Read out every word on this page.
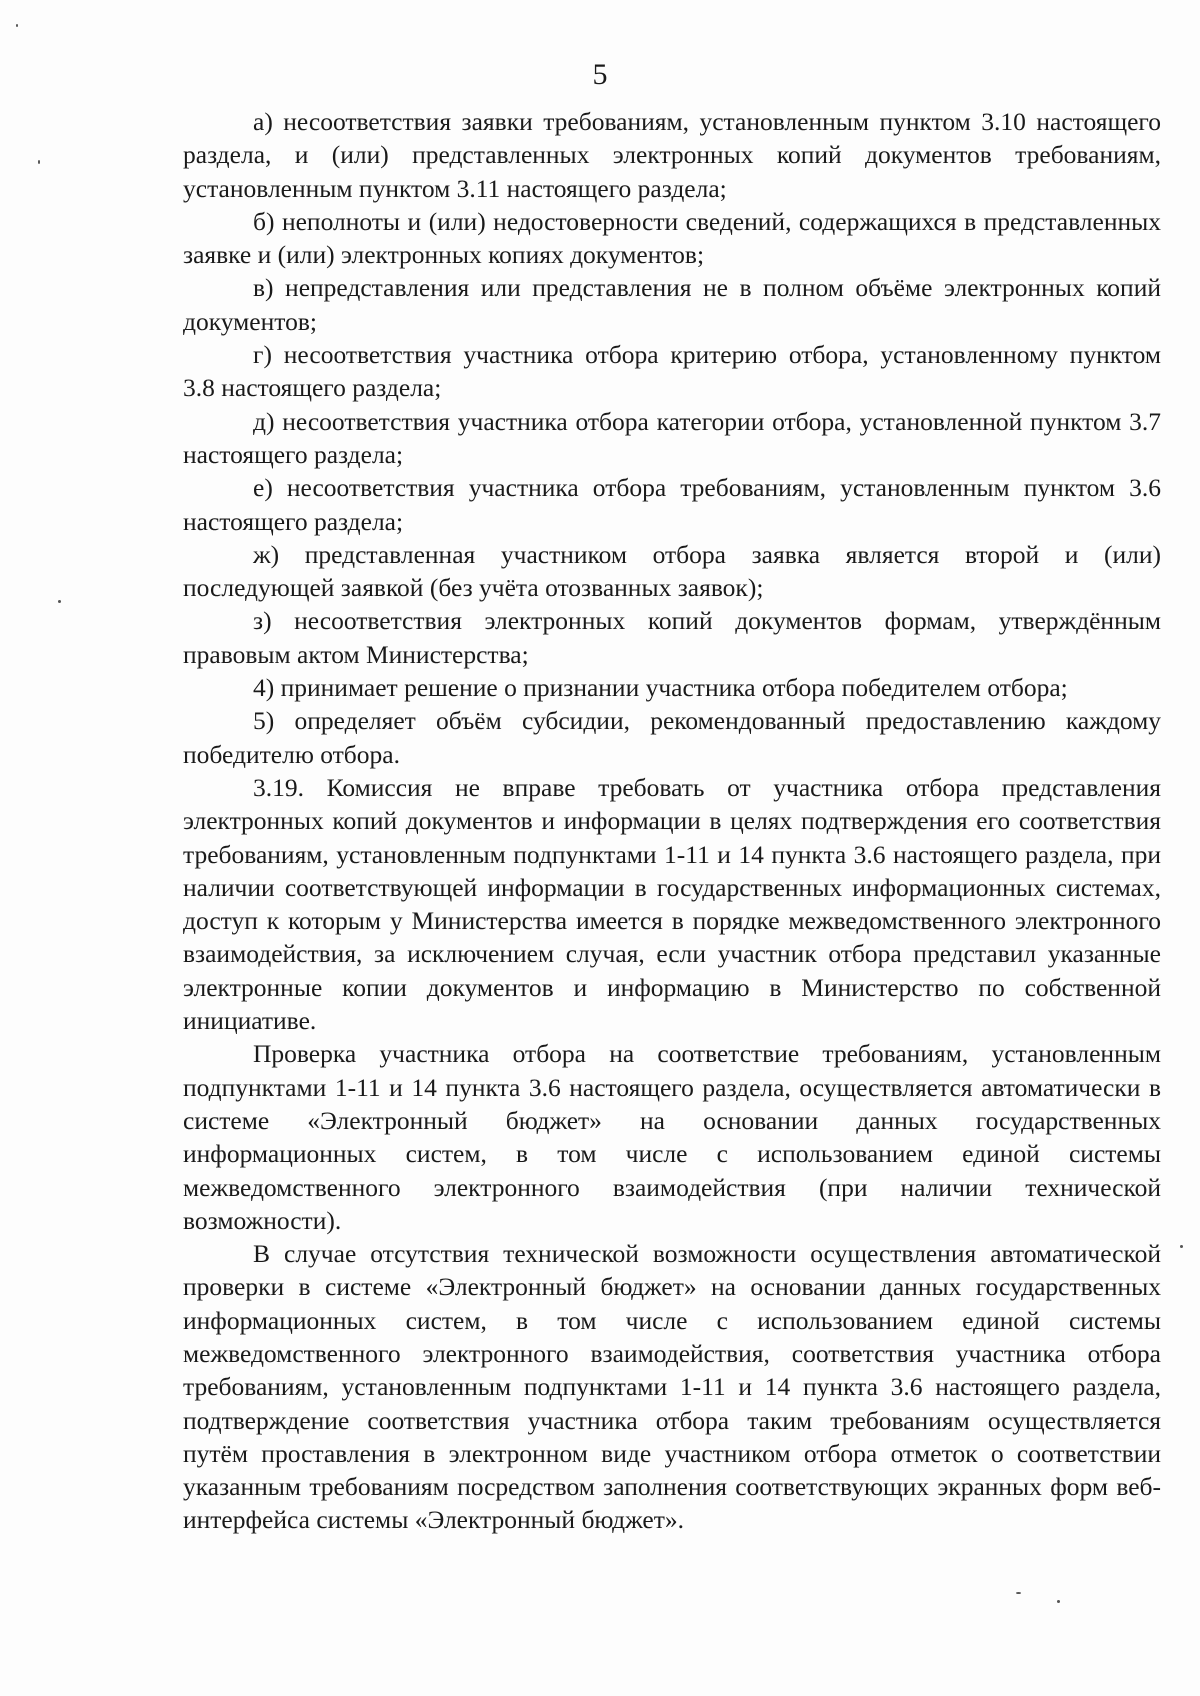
5

а) несоответствия заявки требованиям, установленным пунктом 3.10 настоящего раздела, и (или) представленных электронных копий документов требованиям, установленным пунктом 3.11 настоящего раздела;

б) неполноты и (или) недостоверности сведений, содержащихся в представленных заявке и (или) электронных копиях документов;

в) непредставления или представления не в полном объёме электронных копий документов;

г) несоответствия участника отбора критерию отбора, установленному пунктом 3.8 настоящего раздела;

д) несоответствия участника отбора категории отбора, установленной пунктом 3.7 настоящего раздела;

е) несоответствия участника отбора требованиям, установленным пунктом 3.6 настоящего раздела;

ж) представленная участником отбора заявка является второй и (или) последующей заявкой (без учёта отозванных заявок);

з) несоответствия электронных копий документов формам, утверждённым правовым актом Министерства;

4) принимает решение о признании участника отбора победителем отбора;

5) определяет объём субсидии, рекомендованный предоставлению каждому победителю отбора.

3.19. Комиссия не вправе требовать от участника отбора представления электронных копий документов и информации в целях подтверждения его соответствия требованиям, установленным подпунктами 1-11 и 14 пункта 3.6 настоящего раздела, при наличии соответствующей информации в государственных информационных системах, доступ к которым у Министерства имеется в порядке межведомственного электронного взаимодействия, за исключением случая, если участник отбора представил указанные электронные копии документов и информацию в Министерство по собственной инициативе.

Проверка участника отбора на соответствие требованиям, установленным подпунктами 1-11 и 14 пункта 3.6 настоящего раздела, осуществляется автоматически в системе «Электронный бюджет» на основании данных государственных информационных систем, в том числе с использованием единой системы межведомственного электронного взаимодействия (при наличии технической возможности).

В случае отсутствия технической возможности осуществления автоматической проверки в системе «Электронный бюджет» на основании данных государственных информационных систем, в том числе с использованием единой системы межведомственного электронного взаимодействия, соответствия участника отбора требованиям, установленным подпунктами 1-11 и 14 пункта 3.6 настоящего раздела, подтверждение соответствия участника отбора таким требованиям осуществляется путём проставления в электронном виде участником отбора отметок о соответствии указанным требованиям посредством заполнения соответствующих экранных форм веб-интерфейса системы «Электронный бюджет».
